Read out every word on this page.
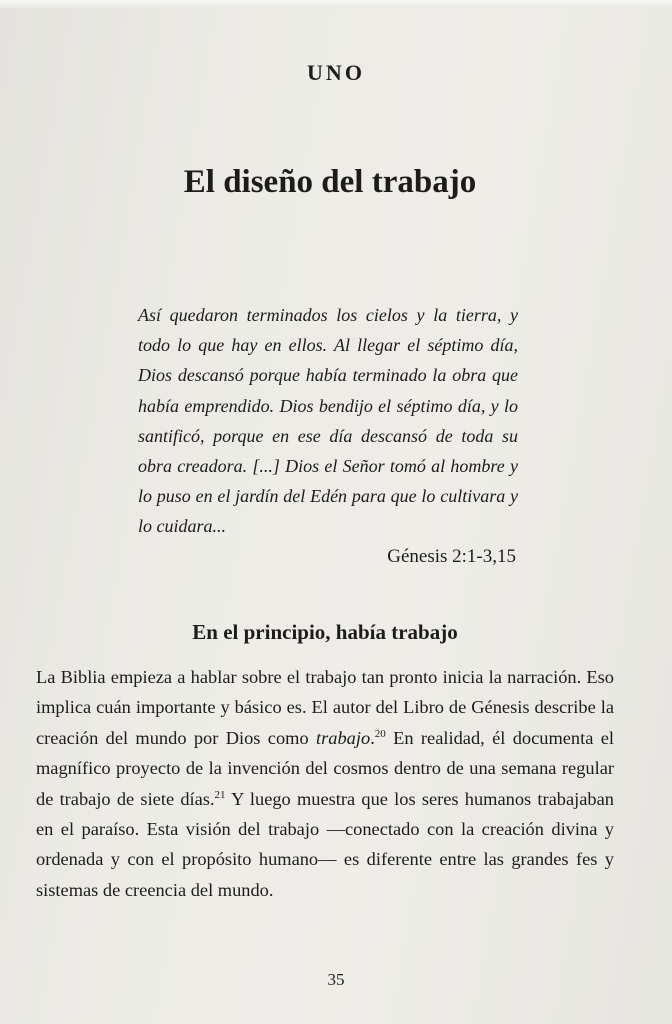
UNO
El diseño del trabajo

Así quedaron terminados los cielos y la tierra, y todo lo que hay en ellos. Al llegar el séptimo día, Dios descansó porque había terminado la obra que había emprendido. Dios bendijo el séptimo día, y lo santificó, porque en ese día descansó de toda su obra creadora. [...] Dios el Señor tomó al hombre y lo puso en el jardín del Edén para que lo cultivara y lo cuidara...

Génesis 2:1-3,15

En el principio, había trabajo

La Biblia empieza a hablar sobre el trabajo tan pronto inicia la narración. Eso implica cuán importante y básico es. El autor del Libro de Génesis describe la creación del mundo por Dios como trabajo.$^{20}$ En realidad, él documenta el magnífico proyecto de la invención del cosmos dentro de una semana regular de trabajo de siete días.$^{21}$ Y luego muestra que los seres humanos trabajaban en el paraíso. Esta visión del trabajo —conectado con la creación divina y ordenada y con el propósito humano— es diferente entre las grandes fes y sistemas de creencia del mundo.

35
